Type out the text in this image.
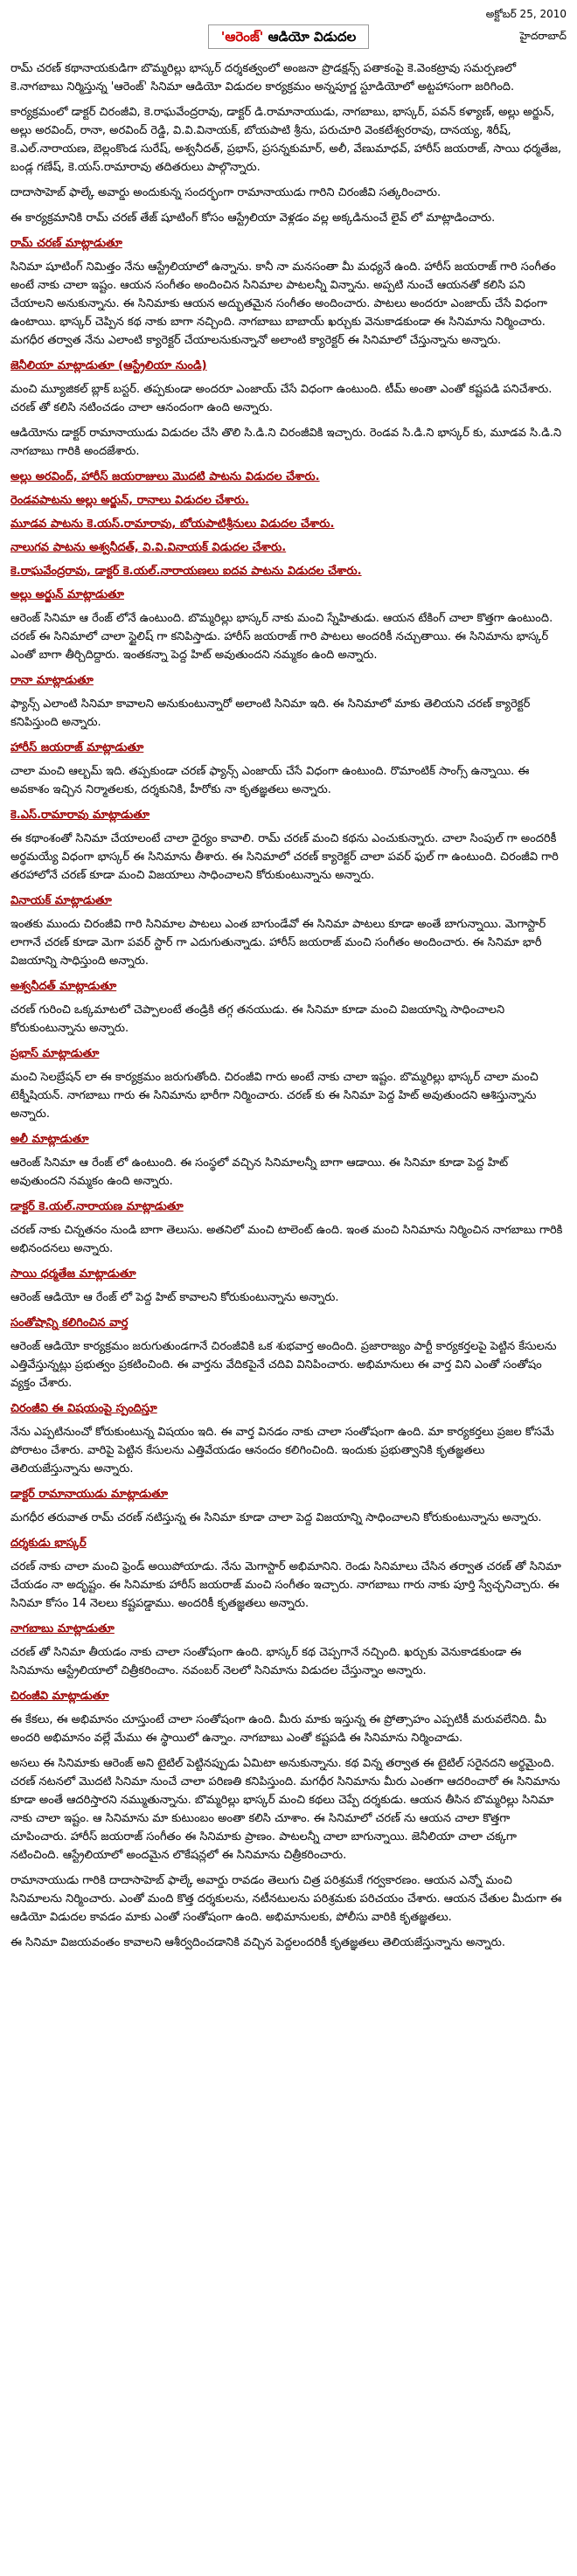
అక్టోబర్ 25, 2010
'ఆరెంజ్' ఆడియో విడుదల	హైదరాబాద్

రామ్ చరణ్ కథానాయకుడిగా బొమ్మరిల్లు భాస్కర్ దర్శకత్వంలో అంజనా ప్రొడక్షన్స్ పతాకంపై కె.వెంకట్రావు సమర్పణలో కె.నాగబాబు నిర్మిస్తున్న 'ఆరెంజ్' సినిమా ఆడియో విడుదల కార్యక్రమం అన్నపూర్ణ స్టూడియోలో అట్టహాసంగా జరిగింది.

కార్యక్రమంలో డాక్టర్ చిరంజీవి, కె.రాఘవేంద్రరావు, డాక్టర్ డి.రామానాయుడు, నాగబాబు, భాస్కర్, పవన్ కళ్యాణ్, అల్లు అర్జున్, అల్లు అరవింద్, రానా, అరవింద్ రెడ్డి, వి.వి.వినాయక్, బోయపాటి శ్రీను, పరుచూరి వెంకటేశ్వరరావు, దానయ్య, శిరీష్, కె.ఎల్.నారాయణ, బెల్లంకొండ సురేష్, అశ్వనీదత్, ప్రభాస్, ప్రసన్నకుమార్, అలీ, వేణుమాధవ్, హారీస్ జయరాజ్, సాయి ధర్మతేజ, బండ్ల గణేష్, కె.యస్.రామారావు తదితరులు పాల్గొన్నారు.

దాదాసాహెబ్ ఫాల్కే అవార్డు అందుకున్న సందర్భంగా రామానాయుడు గారిని చిరంజీవి సత్కరించారు.

ఈ కార్యక్రమానికి రామ్ చరణ్ తేజ్ షూటింగ్ కోసం ఆస్ట్రేలియా వెళ్లడం వల్ల అక్కడినుంచే లైవ్ లో మాట్లాడించారు.

రామ్ చరణ్ మాట్లాడుతూ

సినిమా షూటింగ్ నిమిత్తం నేను ఆస్ట్రేలియాలో ఉన్నాను. కానీ నా మనసంతా మీ మధ్యనే ఉంది. హారీస్ జయరాజ్ గారి సంగీతం అంటే నాకు చాలా ఇష్టం. ఆయన సంగీతం అందించిన సినిమాల పాటలన్నీ విన్నాను. అప్పటి నుంచే ఆయనతో కలిసి పని చేయాలని అనుకున్నాను. ఈ సినిమాకు ఆయన అద్భుతమైన సంగీతం అందించారు. పాటలు అందరూ ఎంజాయ్ చేసే విధంగా ఉంటాయి. భాస్కర్ చెప్పిన కథ నాకు బాగా నచ్చింది. నాగబాబు బాబాయ్ ఖర్చుకు వెనుకాడకుండా ఈ సినిమాను నిర్మించారు. మగధీర తర్వాత నేను ఎలాంటి క్యారెక్టర్ చేయాలనుకున్నానో అలాంటి క్యారెక్టర్ ఈ సినిమాలో చేస్తున్నాను అన్నారు.

జెనీలియా మాట్లాడుతూ (ఆస్ట్రేలియా నుండి)

మంచి మ్యూజికల్ బ్లాక్ బస్టర్. తప్పకుండా అందరూ ఎంజాయ్ చేసే విధంగా ఉంటుంది. టీమ్ అంతా ఎంతో కష్టపడి పనిచేశారు. చరణ్ తో కలిసి నటించడం చాలా ఆనందంగా ఉంది అన్నారు.

ఆడియోను డాక్టర్ రామానాయుడు విడుదల చేసి తొలి సి.డి.ని చిరంజీవికి ఇచ్చారు. రెండవ సి.డి.ని భాస్కర్ కు, మూడవ సి.డి.ని నాగబాబు గారికి అందజేశారు.

అల్లు అరవింద్, హారీస్ జయరాజులు మొదటి పాటను విడుదల చేశారు.
రెండవపాటను అల్లు అర్జున్, రానాలు విడుదల చేశారు.
మూడవ పాటను కె.యస్.రామారావు, బోయపాటిశ్రీనులు విడుదల చేశారు.
నాలుగవ పాటను అశ్వనీదత్, వి.వి.వినాయక్ విడుదల చేశారు.
కె.రాఘవేంద్రరావు, డాక్టర్ కె.యల్.నారాయణలు ఐదవ పాటను విడుదల చేశారు.
అల్లు అర్జున్ మాట్లాడుతూ

ఆరెంజ్ సినిమా ఆ రేంజ్ లోనే ఉంటుంది. బొమ్మరిల్లు భాస్కర్ నాకు మంచి స్నేహితుడు. ఆయన టేకింగ్ చాలా కొత్తగా ఉంటుంది. చరణ్ ఈ సినిమాలో చాలా స్టైలిష్ గా కనిపిస్తాడు. హారీస్ జయరాజ్ గారి పాటలు అందరికీ నచ్చుతాయి. ఈ సినిమాను భాస్కర్ ఎంతో బాగా తీర్చిదిద్దారు. ఇంతకన్నా పెద్ద హిట్ అవుతుందని నమ్మకం ఉంది అన్నారు.

రానా మాట్లాడుతూ

ఫ్యాన్స్ ఎలాంటి సినిమా కావాలని అనుకుంటున్నారో అలాంటి సినిమా ఇది. ఈ సినిమాలో మాకు తెలియని చరణ్ క్యారెక్టర్ కనిపిస్తుంది అన్నారు.

హారీస్ జయరాజ్ మాట్లాడుతూ

చాలా మంచి ఆల్బమ్ ఇది. తప్పకుండా చరణ్ ఫ్యాన్స్ ఎంజాయ్ చేసే విధంగా ఉంటుంది. రొమాంటిక్ సాంగ్స్ ఉన్నాయి. ఈ అవకాశం ఇచ్చిన నిర్మాతలకు, దర్శకునికి, హీరోకు నా కృతజ్ఞతలు అన్నారు.

కె.ఎస్.రామారావు మాట్లాడుతూ

ఈ కథాంశంతో సినిమా చేయాలంటే చాలా ధైర్యం కావాలి. రామ్ చరణ్ మంచి కథను ఎంచుకున్నారు. చాలా సింపుల్ గా అందరికీ అర్థమయ్యే విధంగా భాస్కర్ ఈ సినిమాను తీశారు. ఈ సినిమాలో చరణ్ క్యారెక్టర్ చాలా పవర్ ఫుల్ గా ఉంటుంది. చిరంజీవి గారి తరహాలోనే చరణ్ కూడా మంచి విజయాలు సాధించాలని కోరుకుంటున్నాను అన్నారు.

వినాయక్ మాట్లాడుతూ

ఇంతకు ముందు చిరంజీవి గారి సినిమాల పాటలు ఎంత బాగుండేవో ఈ సినిమా పాటలు కూడా అంతే బాగున్నాయి. మెగాస్టార్ లాగానే చరణ్ కూడా మెగా పవర్ స్టార్ గా ఎదుగుతున్నాడు. హారీస్ జయరాజ్ మంచి సంగీతం అందించారు. ఈ సినిమా భారీ విజయాన్ని సాధిస్తుంది అన్నారు.

అశ్వనీదత్ మాట్లాడుతూ

చరణ్ గురించి ఒక్కమాటలో చెప్పాలంటే తండ్రికి తగ్గ తనయుడు. ఈ సినిమా కూడా మంచి విజయాన్ని సాధించాలని కోరుకుంటున్నాను అన్నారు.

ప్రభాస్ మాట్లాడుతూ

మంచి సెలబ్రేషన్ లా ఈ కార్యక్రమం జరుగుతోంది. చిరంజీవి గారు అంటే నాకు చాలా ఇష్టం. బొమ్మరిల్లు భాస్కర్ చాలా మంచి టెక్నీషియన్. నాగబాబు గారు ఈ సినిమాను భారీగా నిర్మించారు. చరణ్ కు ఈ సినిమా పెద్ద హిట్ అవుతుందని ఆశిస్తున్నాను అన్నారు.

అలీ మాట్లాడుతూ

ఆరెంజ్ సినిమా ఆ రేంజ్ లో ఉంటుంది. ఈ సంస్థలో వచ్చిన సినిమాలన్నీ బాగా ఆడాయి. ఈ సినిమా కూడా పెద్ద హిట్ అవుతుందని నమ్మకం ఉంది అన్నారు.

డాక్టర్ కె.యల్.నారాయణ మాట్లాడుతూ

చరణ్ నాకు చిన్నతనం నుండి బాగా తెలుసు. అతనిలో మంచి టాలెంట్ ఉంది. ఇంత మంచి సినిమాను నిర్మించిన నాగబాబు గారికి అభినందనలు అన్నారు.

సాయి ధర్మతేజ మాట్లాడుతూ

ఆరెంజ్ ఆడియో ఆ రేంజ్ లో పెద్ద హిట్ కావాలని కోరుకుంటున్నాను అన్నారు.

సంతోషాన్ని కలిగించిన వార్త

ఆరెంజ్ ఆడియో కార్యక్రమం జరుగుతుండగానే చిరంజీవికి ఒక శుభవార్త అందింది. ప్రజారాజ్యం పార్టీ కార్యకర్తలపై పెట్టిన కేసులను ఎత్తివేస్తున్నట్లు ప్రభుత్వం ప్రకటించింది. ఈ వార్తను వేదికపైనే చదివి వినిపించారు. అభిమానులు ఈ వార్త విని ఎంతో సంతోషం వ్యక్తం చేశారు.

చిరంజీవి ఈ విషయంపై స్పందిస్తూ

నేను ఎప్పటినుంచో కోరుకుంటున్న విషయం ఇది. ఈ వార్త వినడం నాకు చాలా సంతోషంగా ఉంది. మా కార్యకర్తలు ప్రజల కోసమే పోరాటం చేశారు. వారిపై పెట్టిన కేసులను ఎత్తివేయడం ఆనందం కలిగించింది. ఇందుకు ప్రభుత్వానికి కృతజ్ఞతలు తెలియజేస్తున్నాను అన్నారు.

డాక్టర్ రామానాయుడు మాట్లాడుతూ

మగధీర తరువాత రామ్ చరణ్ నటిస్తున్న ఈ సినిమా కూడా చాలా పెద్ద విజయాన్ని సాధించాలని కోరుకుంటున్నాను అన్నారు.

దర్శకుడు భాస్కర్

చరణ్ నాకు చాలా మంచి ఫ్రెండ్ అయిపోయాడు. నేను మెగాస్టార్ అభిమానిని. రెండు సినిమాలు చేసిన తర్వాత చరణ్ తో సినిమా చేయడం నా అదృష్టం. ఈ సినిమాకు హారీస్ జయరాజ్ మంచి సంగీతం ఇచ్చారు. నాగబాబు గారు నాకు పూర్తి స్వేచ్ఛనిచ్చారు. ఈ సినిమా కోసం 14 నెలలు కష్టపడ్డాము. అందరికీ కృతజ్ఞతలు అన్నారు.

నాగబాబు మాట్లాడుతూ

చరణ్ తో సినిమా తీయడం నాకు చాలా సంతోషంగా ఉంది. భాస్కర్ కథ చెప్పగానే నచ్చింది. ఖర్చుకు వెనుకాడకుండా ఈ సినిమాను ఆస్ట్రేలియాలో చిత్రీకరించాం. నవంబర్ నెలలో సినిమాను విడుదల చేస్తున్నాం అన్నారు.

చిరంజీవి మాట్లాడుతూ

ఈ కేకలు, ఈ అభిమానం చూస్తుంటే చాలా సంతోషంగా ఉంది. మీరు మాకు ఇస్తున్న ఈ ప్రోత్సాహం ఎప్పటికీ మరువలేనిది. మీ అందరి అభిమానం వల్లే మేము ఈ స్థాయిలో ఉన్నాం. నాగబాబు ఎంతో కష్టపడి ఈ సినిమాను నిర్మించాడు.

అసలు ఈ సినిమాకు ఆరెంజ్ అని టైటిల్ పెట్టినప్పుడు ఏమిటా అనుకున్నాను. కథ విన్న తర్వాత ఈ టైటిల్ సరైనదని అర్థమైంది. చరణ్ నటనలో మొదటి సినిమా నుంచే చాలా పరిణతి కనిపిస్తుంది. మగధీర సినిమాను మీరు ఎంతగా ఆదరించారో ఈ సినిమాను కూడా అంతే ఆదరిస్తారని నమ్ముతున్నాను. బొమ్మరిల్లు భాస్కర్ మంచి కథలు చెప్పే దర్శకుడు. ఆయన తీసిన బొమ్మరిల్లు సినిమా నాకు చాలా ఇష్టం. ఆ సినిమాను మా కుటుంబం అంతా కలిసి చూశాం. ఈ సినిమాలో చరణ్ ను ఆయన చాలా కొత్తగా చూపించారు. హారీస్ జయరాజ్ సంగీతం ఈ సినిమాకు ప్రాణం. పాటలన్నీ చాలా బాగున్నాయి. జెనీలియా చాలా చక్కగా నటించింది. ఆస్ట్రేలియాలో అందమైన లొకేషన్లలో ఈ సినిమాను చిత్రీకరించారు.

రామానాయుడు గారికి దాదాసాహెబ్ ఫాల్కే అవార్డు రావడం తెలుగు చిత్ర పరిశ్రమకే గర్వకారణం. ఆయన ఎన్నో మంచి సినిమాలను నిర్మించారు. ఎంతో మంది కొత్త దర్శకులను, నటీనటులను పరిశ్రమకు పరిచయం చేశారు. ఆయన చేతుల మీదుగా ఈ ఆడియో విడుదల కావడం మాకు ఎంతో సంతోషంగా ఉంది. అభిమానులకు, పోలీసు వారికి కృతజ్ఞతలు.

ఈ సినిమా విజయవంతం కావాలని ఆశీర్వదించడానికి వచ్చిన పెద్దలందరికీ కృతజ్ఞతలు తెలియజేస్తున్నాను అన్నారు.
